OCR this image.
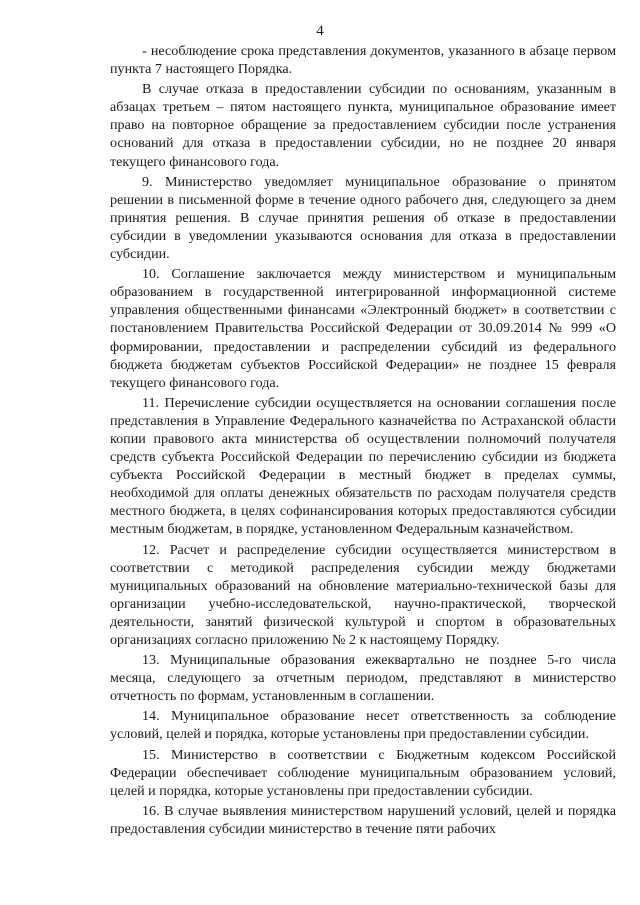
4

- несоблюдение срока представления документов, указанного в абзаце первом пункта 7 настоящего Порядка.

В случае отказа в предоставлении субсидии по основаниям, указанным в абзацах третьем – пятом настоящего пункта, муниципальное образование имеет право на повторное обращение за предоставлением субсидии после устранения оснований для отказа в предоставлении субсидии, но не позднее 20 января текущего финансового года.

9. Министерство уведомляет муниципальное образование о принятом решении в письменной форме в течение одного рабочего дня, следующего за днем принятия решения. В случае принятия решения об отказе в предоставлении субсидии в уведомлении указываются основания для отказа в предоставлении субсидии.

10. Соглашение заключается между министерством и муниципальным образованием в государственной интегрированной информационной системе управления общественными финансами «Электронный бюджет» в соответствии с постановлением Правительства Российской Федерации от 30.09.2014 № 999 «О формировании, предоставлении и распределении субсидий из федерального бюджета бюджетам субъектов Российской Федерации» не позднее 15 февраля текущего финансового года.

11. Перечисление субсидии осуществляется на основании соглашения после представления в Управление Федерального казначейства по Астраханской области копии правового акта министерства об осуществлении полномочий получателя средств субъекта Российской Федерации по перечислению субсидии из бюджета субъекта Российской Федерации в местный бюджет в пределах суммы, необходимой для оплаты денежных обязательств по расходам получателя средств местного бюджета, в целях софинансирования которых предоставляются субсидии местным бюджетам, в порядке, установленном Федеральным казначейством.

12. Расчет и распределение субсидии осуществляется министерством в соответствии с методикой распределения субсидии между бюджетами муниципальных образований на обновление материально-технической базы для организации учебно-исследовательской, научно-практической, творческой деятельности, занятий физической культурой и спортом в образовательных организациях согласно приложению № 2 к настоящему Порядку.

13. Муниципальные образования ежеквартально не позднее 5-го числа месяца, следующего за отчетным периодом, представляют в министерство отчетность по формам, установленным в соглашении.

14. Муниципальное образование несет ответственность за соблюдение условий, целей и порядка, которые установлены при предоставлении субсидии.

15. Министерство в соответствии с Бюджетным кодексом Российской Федерации обеспечивает соблюдение муниципальным образованием условий, целей и порядка, которые установлены при предоставлении субсидии.

16. В случае выявления министерством нарушений условий, целей и порядка предоставления субсидии министерство в течение пяти рабочих
